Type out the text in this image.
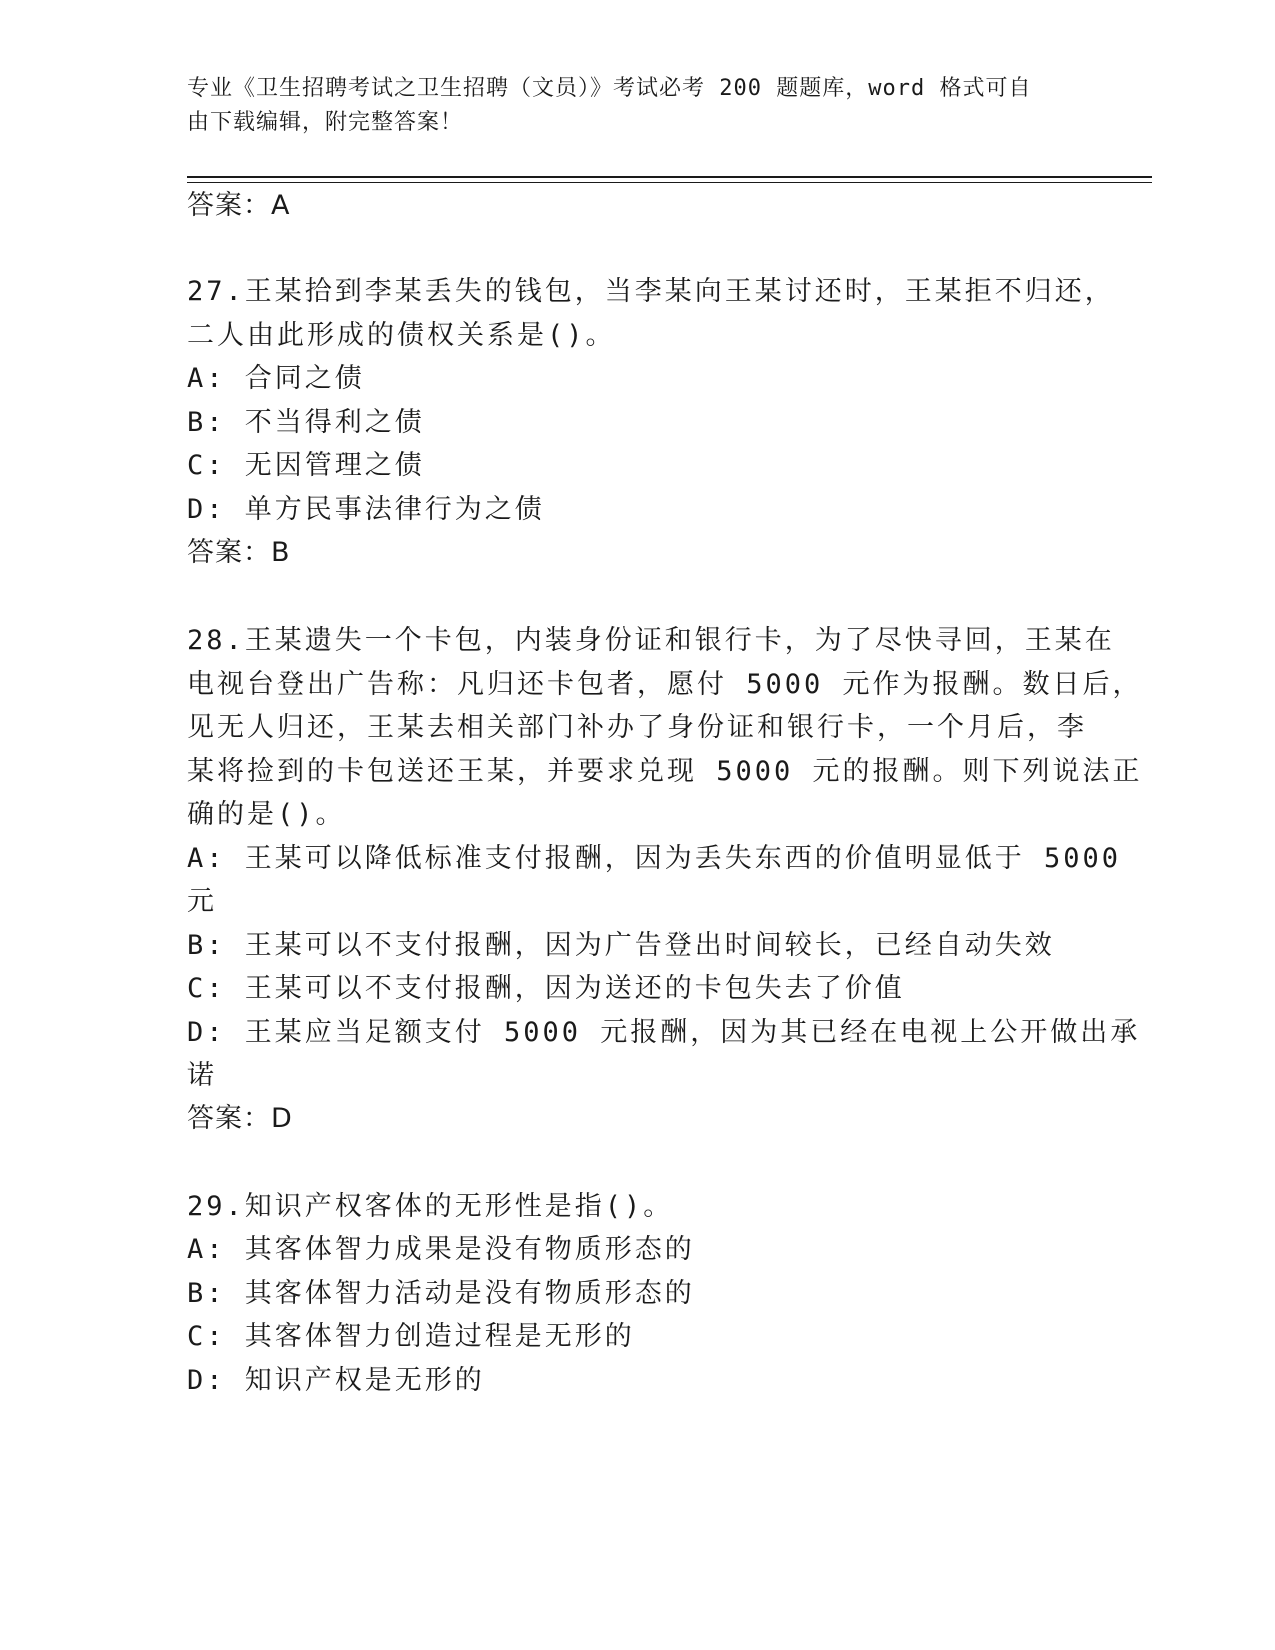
专业《卫生招聘考试之卫生招聘（文员）》考试必考 200 题题库，word 格式可自
由下载编辑，附完整答案！
答案：A
27.王某拾到李某丢失的钱包，当李某向王某讨还时，王某拒不归还，
二人由此形成的债权关系是()。
A: 合同之债
B: 不当得利之债
C: 无因管理之债
D: 单方民事法律行为之债
答案：B
28.王某遗失一个卡包，内装身份证和银行卡，为了尽快寻回，王某在
电视台登出广告称：凡归还卡包者，愿付 5000 元作为报酬。数日后，
见无人归还，王某去相关部门补办了身份证和银行卡，一个月后，李
某将捡到的卡包送还王某，并要求兑现 5000 元的报酬。则下列说法正
确的是()。
A: 王某可以降低标准支付报酬，因为丢失东西的价值明显低于 5000
元
B: 王某可以不支付报酬，因为广告登出时间较长，已经自动失效
C: 王某可以不支付报酬，因为送还的卡包失去了价值
D: 王某应当足额支付 5000 元报酬，因为其已经在电视上公开做出承
诺
答案：D
29.知识产权客体的无形性是指()。
A: 其客体智力成果是没有物质形态的
B: 其客体智力活动是没有物质形态的
C: 其客体智力创造过程是无形的
D: 知识产权是无形的
